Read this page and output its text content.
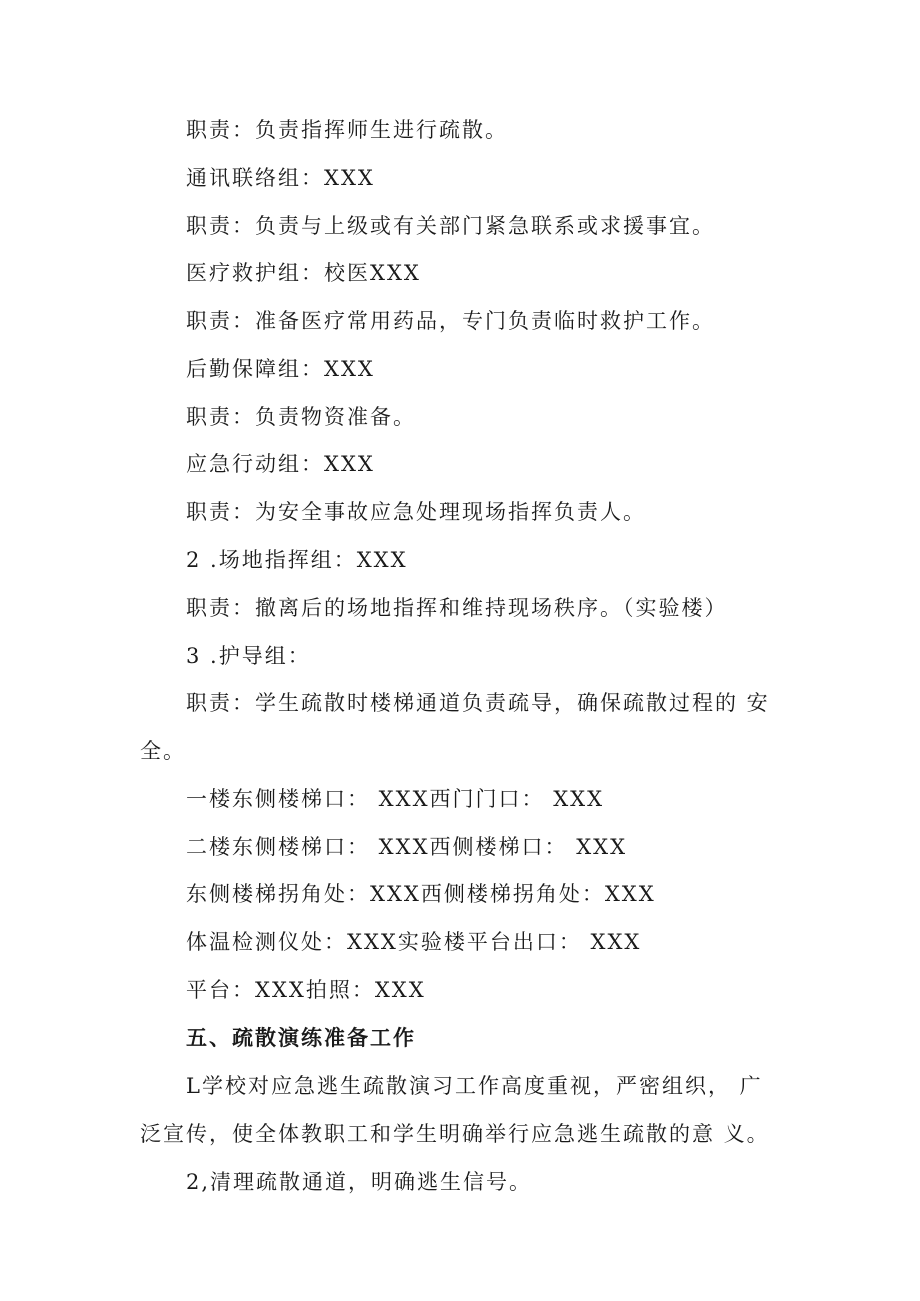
职责：负责指挥师生进行疏散。
通讯联络组：XXX
职责：负责与上级或有关部门紧急联系或求援事宜。
医疗救护组：校医XXX
职责：准备医疗常用药品，专门负责临时救护工作。
后勤保障组：XXX
职责：负责物资准备。
应急行动组：XXX
职责：为安全事故应急处理现场指挥负责人。
2 .场地指挥组：XXX
职责：撤离后的场地指挥和维持现场秩序。（实验楼）
3 .护导组：
职责：学生疏散时楼梯通道负责疏导，确保疏散过程的 安
全。
一楼东侧楼梯口： XXX西门门口： XXX
二楼东侧楼梯口： XXX西侧楼梯口： XXX
东侧楼梯拐角处：XXX西侧楼梯拐角处：XXX
体温检测仪处：XXX实验楼平台出口： XXX
平台：XXX拍照：XXX
五、疏散演练准备工作
L学校对应急逃生疏散演习工作高度重视，严密组织， 广
泛宣传，使全体教职工和学生明确举行应急逃生疏散的意 义。
2,清理疏散通道，明确逃生信号。
